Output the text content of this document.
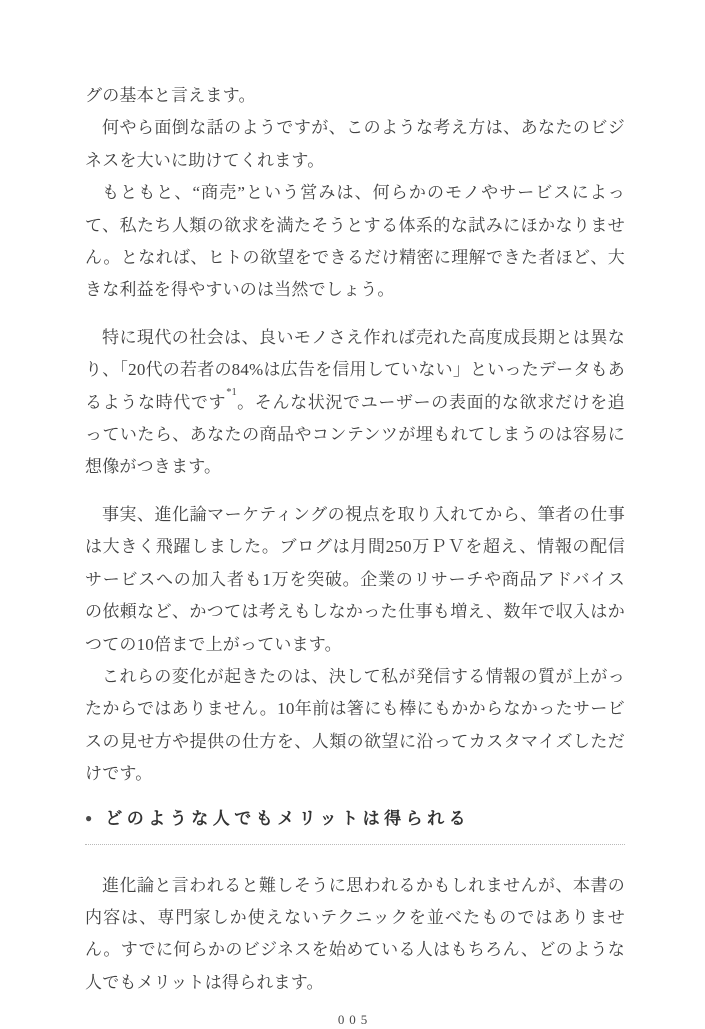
グの基本と言えます。

何やら面倒な話のようですが、このような考え方は、あなたのビジネスを大いに助けてくれます。

もともと、“商売”という営みは、何らかのモノやサービスによって、私たち人類の欲求を満たそうとする体系的な試みにほかなりません。となれば、ヒトの欲望をできるだけ精密に理解できた者ほど、大きな利益を得やすいのは当然でしょう。

特に現代の社会は、良いモノさえ作れば売れた高度成長期とは異なり、「20代の若者の84%は広告を信用していない」といったデータもあるような時代です$^{*1}$。そんな状況でユーザーの表面的な欲求だけを追っていたら、あなたの商品やコンテンツが埋もれてしまうのは容易に想像がつきます。

事実、進化論マーケティングの視点を取り入れてから、筆者の仕事は大きく飛躍しました。ブログは月間250万ＰＶを超え、情報の配信サービスへの加入者も1万を突破。企業のリサーチや商品アドバイスの依頼など、かつては考えもしなかった仕事も増え、数年で収入はかつての10倍まで上がっています。

これらの変化が起きたのは、決して私が発信する情報の質が上がったからではありません。10年前は箸にも棒にもかからなかったサービスの見せ方や提供の仕方を、人類の欲望に沿ってカスタマイズしただけです。

● どのような人でもメリットは得られる

進化論と言われると難しそうに思われるかもしれませんが、本書の内容は、専門家しか使えないテクニックを並べたものではありません。すでに何らかのビジネスを始めている人はもちろん、どのような人でもメリットは得られます。

005
